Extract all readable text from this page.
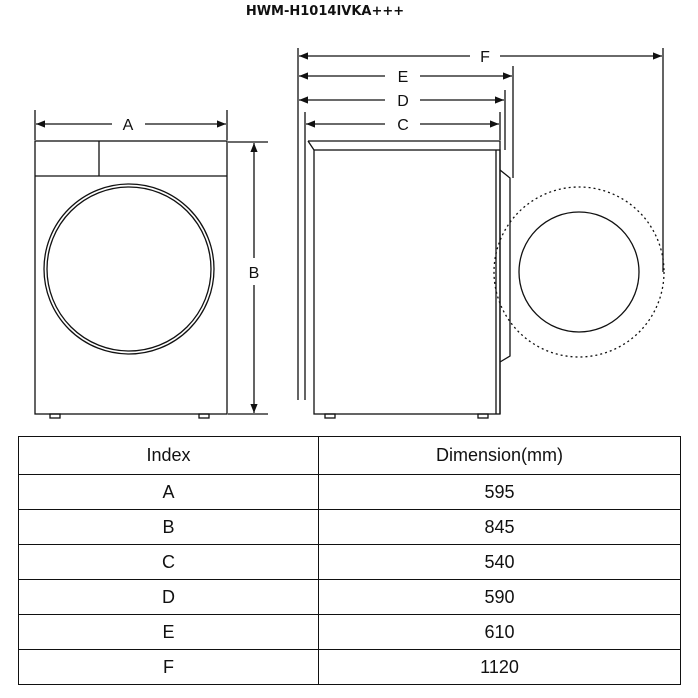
HWM-H1014IVKA+++
A
B
F
E
D
C
Index	Dimension(mm)
A	595
B	845
C	540
D	590
E	610
F	1120
